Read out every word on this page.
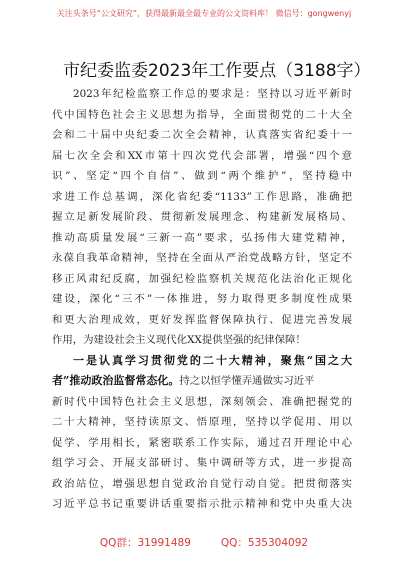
关注头条号“公文研究”，获得最新最全最专业的公文资料库！ 微信号：gongwenyj
市纪委监委2023年工作要点（3188字）
2023年纪检监察工作总的要求是：坚持以习近平新时
代中国特色社会主义思想为指导，全面贯彻党的二十大全
会和二十届中央纪委二次全会精神，认真落实省纪委十一
届七次全会和XX市第十四次党代会部署，增强“四个意
识”、坚定“四个自信”、做到“两个维护”，坚持稳中
求进工作总基调，深化省纪委“1133”工作思路，准确把
握立足新发展阶段、贯彻新发展理念、构建新发展格局、
推动高质量发展“三新一高”要求，弘扬伟大建党精神，
永葆自我革命精神，坚持在全面从严治党战略方针，坚定不
移正风肃纪反腐，加强纪检监察机关规范化法治化正规化
建设，深化“三不”一体推进，努力取得更多制度性成果
和更大治理成效，更好发挥监督保障执行、促进完善发展
作用，为建设社会主义现代化XX提供坚强的纪律保障！
一是认真学习贯彻党的二十大精神，聚焦“国之大
者”推动政治监督常态化。持之以恒学懂弄通做实习近平
新时代中国特色社会主义思想，深刻领会、准确把握党的
二十大精神，坚持读原文、悟原理，坚持以学促用、用以
促学、学用相长，紧密联系工作实际，通过召开理论中心
组学习会、开展支部研讨、集中调研等方式，进一步提高
政治站位，增强思想自觉政治自觉行动自觉。把贯彻落实
习近平总书记重要讲话重要指示批示精神和党中央重大决
QQ群：31991489	QQ：535304092
